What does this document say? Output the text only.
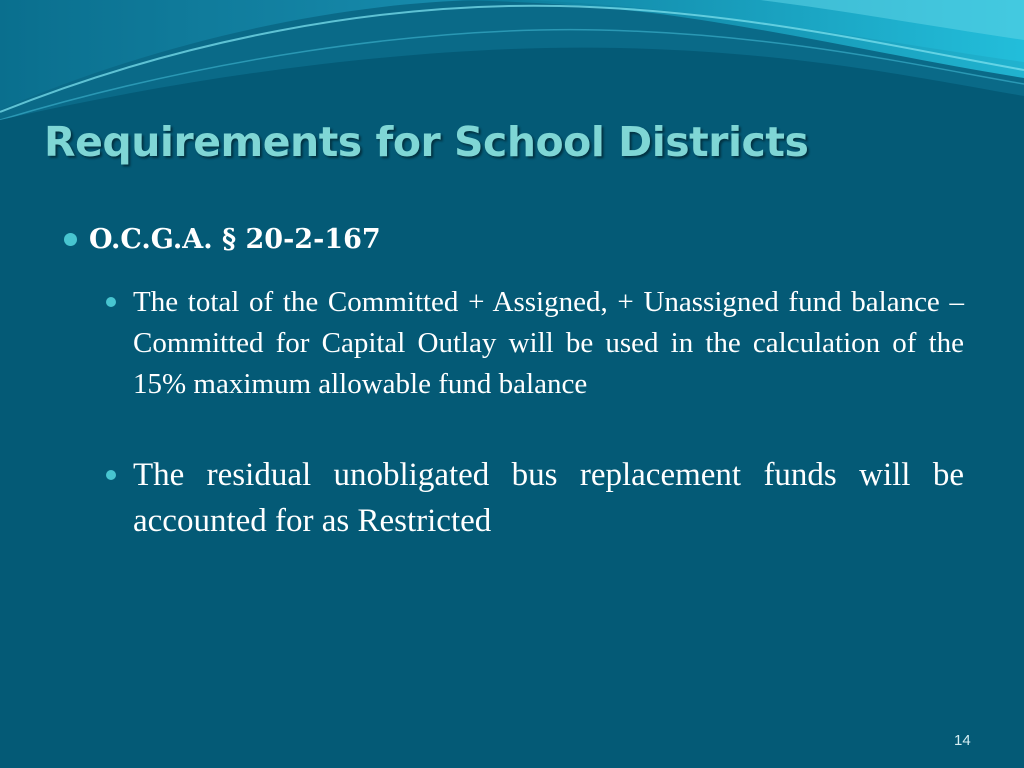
Requirements for School Districts
O.C.G.A. § 20-2-167

The total of the Committed + Assigned, + Unassigned fund balance – Committed for Capital Outlay will be used in the calculation of the 15% maximum allowable fund balance

The residual unobligated bus replacement funds will be accounted for as Restricted

14
